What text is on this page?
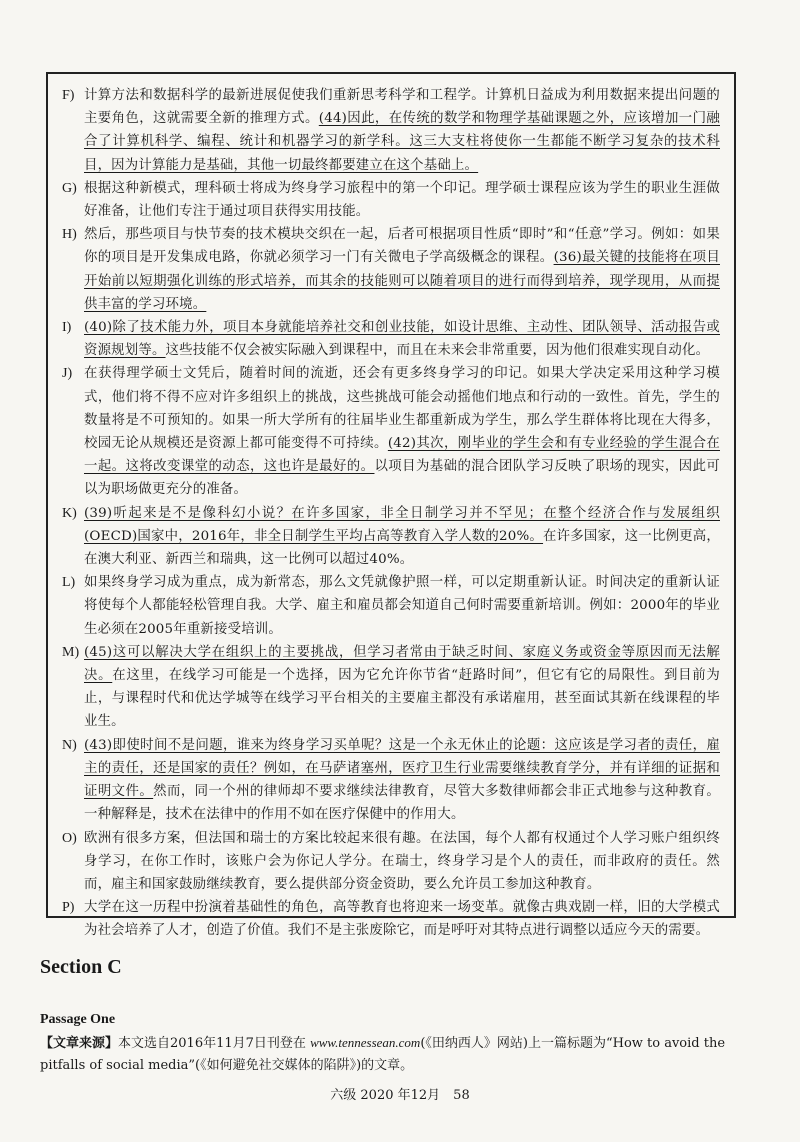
F) 计算方法和数据科学的最新进展促使我们重新思考科学和工程学。计算机日益成为利用数据来提出问题的主要角色，这就需要全新的推理方式。(44)因此，在传统的数学和物理学基础课题之外，应该增加一门融合了计算机科学、编程、统计和机器学习的新学科。这三大支柱将使你一生都能不断学习复杂的技术科目，因为计算能力是基础，其他一切最终都要建立在这个基础上。
G) 根据这种新模式，理科硕士将成为终身学习旅程中的第一个印记。理学硕士课程应该为学生的职业生涯做好准备，让他们专注于通过项目获得实用技能。
H) 然后，那些项目与快节奏的技术模块交织在一起，后者可根据项目性质“即时”和“任意”学习。例如：如果你的项目是开发集成电路，你就必须学习一门有关微电子学高级概念的课程。(36)最关键的技能将在项目开始前以短期强化训练的形式培养，而其余的技能则可以随着项目的进行而得到培养，现学现用，从而提供丰富的学习环境。
I) (40)除了技术能力外，项目本身就能培养社交和创业技能，如设计思维、主动性、团队领导、活动报告或资源规划等。这些技能不仅会被实际融入到课程中，而且在未来会非常重要，因为他们很难实现自动化。
J) 在获得理学硕士文凭后，随着时间的流逝，还会有更多终身学习的印记。如果大学决定采用这种学习模式，他们将不得不应对许多组织上的挑战，这些挑战可能会动摇他们地点和行动的一致性。首先，学生的数量将是不可预知的。如果一所大学所有的往届毕业生都重新成为学生，那么学生群体将比现在大得多，校园无论从规模还是资源上都可能变得不可持续。(42)其次，刚毕业的学生会和有专业经验的学生混合在一起。这将改变课堂的动态，这也许是最好的。以项目为基础的混合团队学习反映了职场的现实，因此可以为职场做更充分的准备。
K) (39)听起来是不是像科幻小说？在许多国家，非全日制学习并不罕见；在整个经济合作与发展组织(OECD)国家中，2016年，非全日制学生平均占高等教育入学人数的20%。在许多国家，这一比例更高，在澳大利亚、新西兰和瑞典，这一比例可以超过40%。
L) 如果终身学习成为重点，成为新常态，那么文凭就像护照一样，可以定期重新认证。时间决定的重新认证将使每个人都能轻松管理自我。大学、雇主和雇员都会知道自己何时需要重新培训。例如：2000年的毕业生必须在2005年重新接受培训。
M) (45)这可以解决大学在组织上的主要挑战，但学习者常由于缺乏时间、家庭义务或资金等原因而无法解决。在这里，在线学习可能是一个选择，因为它允许你节省“赶路时间”，但它有它的局限性。到目前为止，与课程时代和优达学城等在线学习平台相关的主要雇主都没有承诺雇用，甚至面试其新在线课程的毕业生。
N) (43)即使时间不是问题，谁来为终身学习买单呢？这是一个永无休止的论题：这应该是学习者的责任，雇主的责任，还是国家的责任？例如，在马萨诸塞州，医疗卫生行业需要继续教育学分，并有详细的证据和证明文件。然而，同一个州的律师却不要求继续法律教育，尽管大多数律师都会非正式地参与这种教育。一种解释是，技术在法律中的作用不如在医疗保健中的作用大。
O) 欧洲有很多方案，但法国和瑞士的方案比较起来很有趣。在法国，每个人都有权通过个人学习账户组织终身学习，在你工作时，该账户会为你记人学分。在瑞士，终身学习是个人的责任，而非政府的责任。然而，雇主和国家鼓励继续教育，要么提供部分资金资助，要么允许员工参加这种教育。
P) 大学在这一历程中扮演着基础性的角色，高等教育也将迎来一场变革。就像古典戏剧一样，旧的大学模式为社会培养了人才，创造了价值。我们不是主张废除它，而是呼吁对其特点进行调整以适应今天的需要。
Section C
Passage One

【文章来源】本文选自2016年11月7日刊登在 www.tennessean.com(《田纳西人》网站)上一篇标题为“How to avoid the pitfalls of social media”(《如何避免社交媒体的陷阱》)的文章。

六级 2020 年12月　58
